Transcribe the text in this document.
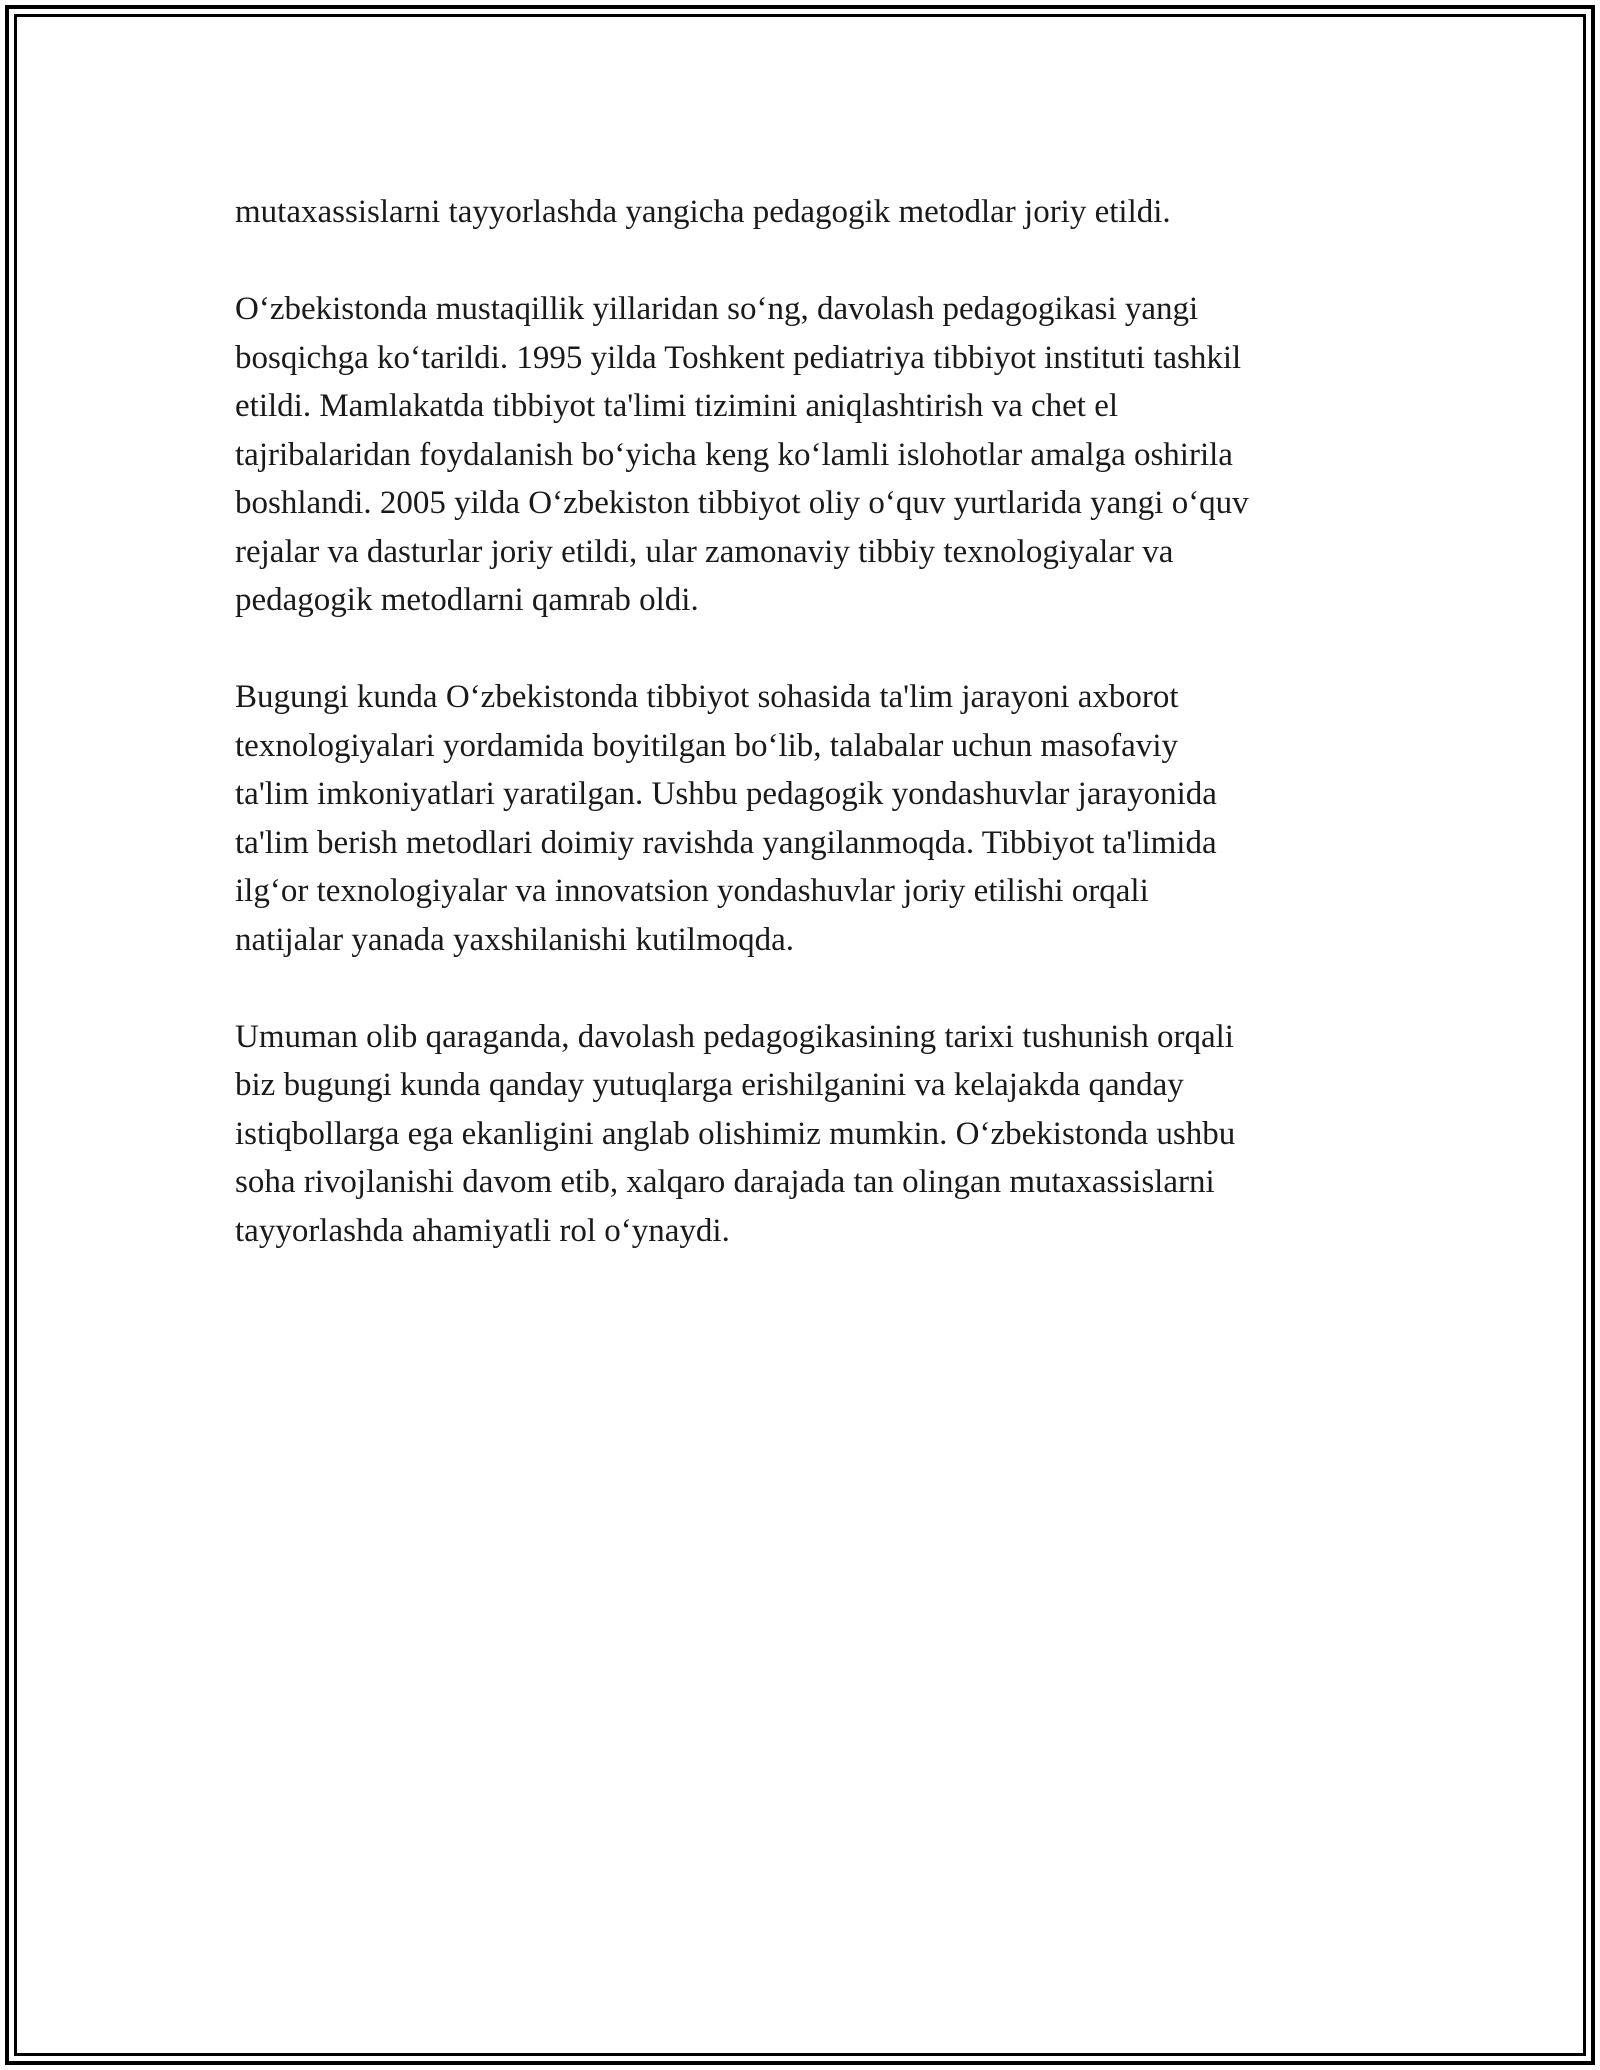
mutaxassislarni tayyorlashda yangicha pedagogik metodlar joriy etildi.

O‘zbekistonda mustaqillik yillaridan so‘ng, davolash pedagogikasi yangi
bosqichga ko‘tarildi. 1995 yilda Toshkent pediatriya tibbiyot instituti tashkil
etildi. Mamlakatda tibbiyot ta'limi tizimini aniqlashtirish va chet el
tajribalaridan foydalanish bo‘yicha keng ko‘lamli islohotlar amalga oshirila
boshlandi. 2005 yilda O‘zbekiston tibbiyot oliy o‘quv yurtlarida yangi o‘quv
rejalar va dasturlar joriy etildi, ular zamonaviy tibbiy texnologiyalar va
pedagogik metodlarni qamrab oldi.

Bugungi kunda O‘zbekistonda tibbiyot sohasida ta'lim jarayoni axborot
texnologiyalari yordamida boyitilgan bo‘lib, talabalar uchun masofaviy
ta'lim imkoniyatlari yaratilgan. Ushbu pedagogik yondashuvlar jarayonida
ta'lim berish metodlari doimiy ravishda yangilanmoqda. Tibbiyot ta'limida
ilg‘or texnologiyalar va innovatsion yondashuvlar joriy etilishi orqali
natijalar yanada yaxshilanishi kutilmoqda.

Umuman olib qaraganda, davolash pedagogikasining tarixi tushunish orqali
biz bugungi kunda qanday yutuqlarga erishilganini va kelajakda qanday
istiqbollarga ega ekanligini anglab olishimiz mumkin. O‘zbekistonda ushbu
soha rivojlanishi davom etib, xalqaro darajada tan olingan mutaxassislarni
tayyorlashda ahamiyatli rol o‘ynaydi.
